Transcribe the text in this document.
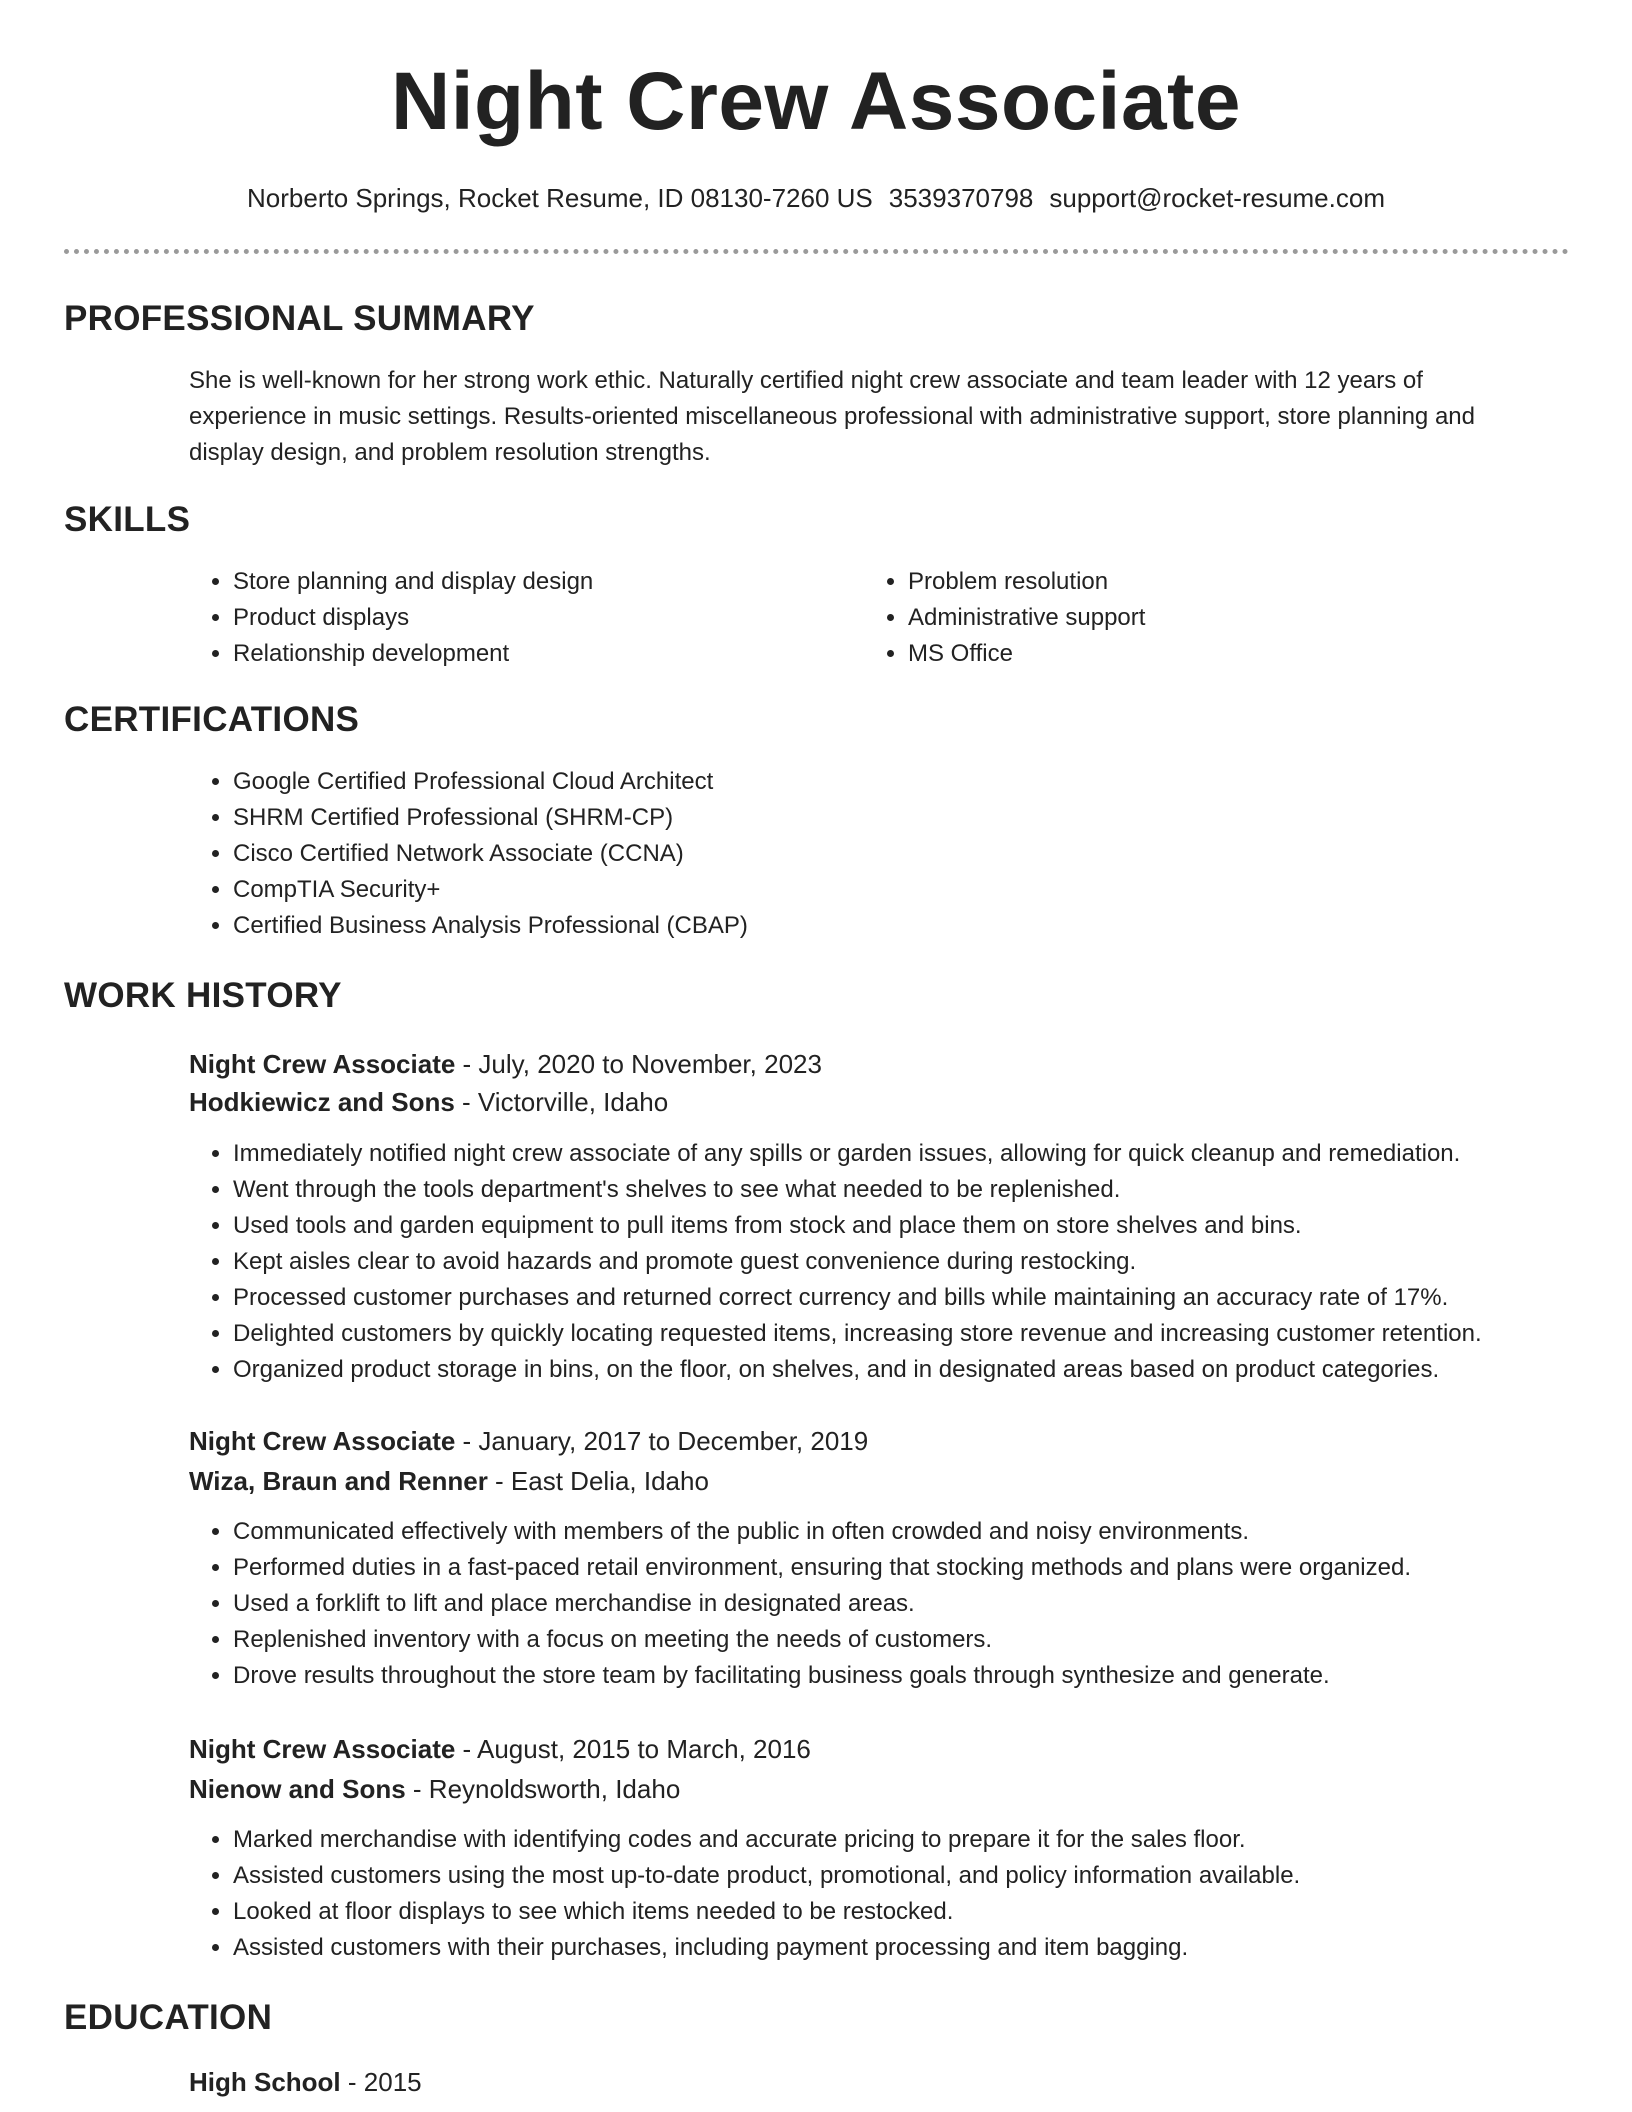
Night Crew Associate
Norberto Springs, Rocket Resume, ID 08130-7260 US 3539370798 support@rocket-resume.com
PROFESSIONAL SUMMARY
She is well-known for her strong work ethic. Naturally certified night crew associate and team leader with 12 years of experience in music settings. Results-oriented miscellaneous professional with administrative support, store planning and display design, and problem resolution strengths.
SKILLS
• Store planning and display design
• Product displays
• Relationship development
• Problem resolution
• Administrative support
• MS Office
CERTIFICATIONS
• Google Certified Professional Cloud Architect
• SHRM Certified Professional (SHRM-CP)
• Cisco Certified Network Associate (CCNA)
• CompTIA Security+
• Certified Business Analysis Professional (CBAP)
WORK HISTORY
Night Crew Associate - July, 2020 to November, 2023
Hodkiewicz and Sons - Victorville, Idaho
• Immediately notified night crew associate of any spills or garden issues, allowing for quick cleanup and remediation.
• Went through the tools department's shelves to see what needed to be replenished.
• Used tools and garden equipment to pull items from stock and place them on store shelves and bins.
• Kept aisles clear to avoid hazards and promote guest convenience during restocking.
• Processed customer purchases and returned correct currency and bills while maintaining an accuracy rate of 17%.
• Delighted customers by quickly locating requested items, increasing store revenue and increasing customer retention.
• Organized product storage in bins, on the floor, on shelves, and in designated areas based on product categories.
Night Crew Associate - January, 2017 to December, 2019
Wiza, Braun and Renner - East Delia, Idaho
• Communicated effectively with members of the public in often crowded and noisy environments.
• Performed duties in a fast-paced retail environment, ensuring that stocking methods and plans were organized.
• Used a forklift to lift and place merchandise in designated areas.
• Replenished inventory with a focus on meeting the needs of customers.
• Drove results throughout the store team by facilitating business goals through synthesize and generate.
Night Crew Associate - August, 2015 to March, 2016
Nienow and Sons - Reynoldsworth, Idaho
• Marked merchandise with identifying codes and accurate pricing to prepare it for the sales floor.
• Assisted customers using the most up-to-date product, promotional, and policy information available.
• Looked at floor displays to see which items needed to be restocked.
• Assisted customers with their purchases, including payment processing and item bagging.
EDUCATION
High School - 2015
